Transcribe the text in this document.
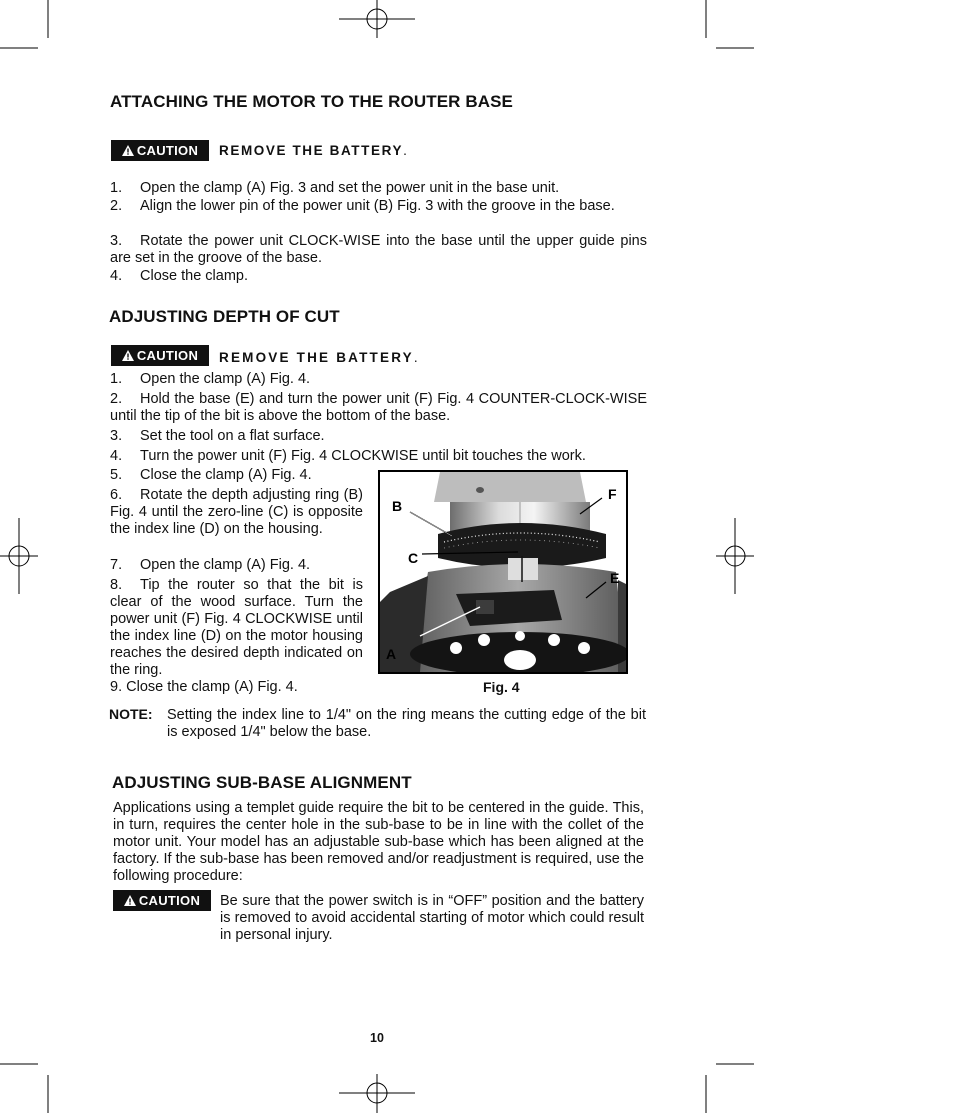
ATTACHING THE MOTOR TO THE ROUTER BASE
CAUTION REMOVE THE BATTERY.
1. Open the clamp (A) Fig. 3 and set the power unit in the base unit.
2. Align the lower pin of the power unit (B) Fig. 3 with the groove in the base.
3. Rotate the power unit CLOCK-WISE into the base until the upper guide pins are set in the groove of the base.
4. Close the clamp.
ADJUSTING DEPTH OF CUT
CAUTION REMOVE THE BATTERY.
1. Open the clamp (A) Fig. 4.
2. Hold the base (E) and turn the power unit (F) Fig. 4 COUNTER-CLOCK-WISE until the tip of the bit is above the bottom of the base.
3. Set the tool on a flat surface.
4. Turn the power unit (F) Fig. 4 CLOCKWISE until bit touches the work.
5. Close the clamp (A) Fig. 4.
6. Rotate the depth adjusting ring (B) Fig. 4 until the zero-line (C) is opposite the index line (D) on the housing.
7. Open the clamp (A) Fig. 4.
8. Tip the router so that the bit is clear of the wood surface. Turn the power unit (F) Fig. 4 CLOCKWISE until the index line (D) on the motor housing reaches the desired depth indicated on the ring.
9. Close the clamp (A) Fig. 4.
B
C
A
F
E
Fig. 4
NOTE: Setting the index line to 1/4" on the ring means the cutting edge of the bit is exposed 1/4" below the base.
ADJUSTING SUB-BASE ALIGNMENT
Applications using a templet guide require the bit to be centered in the guide. This, in turn, requires the center hole in the sub-base to be in line with the collet of the motor unit. Your model has an adjustable sub-base which has been aligned at the factory. If the sub-base has been removed and/or readjustment is required, use the following procedure:
CAUTION Be sure that the power switch is in “OFF” position and the battery is removed to avoid accidental starting of motor which could result in personal injury.
10
